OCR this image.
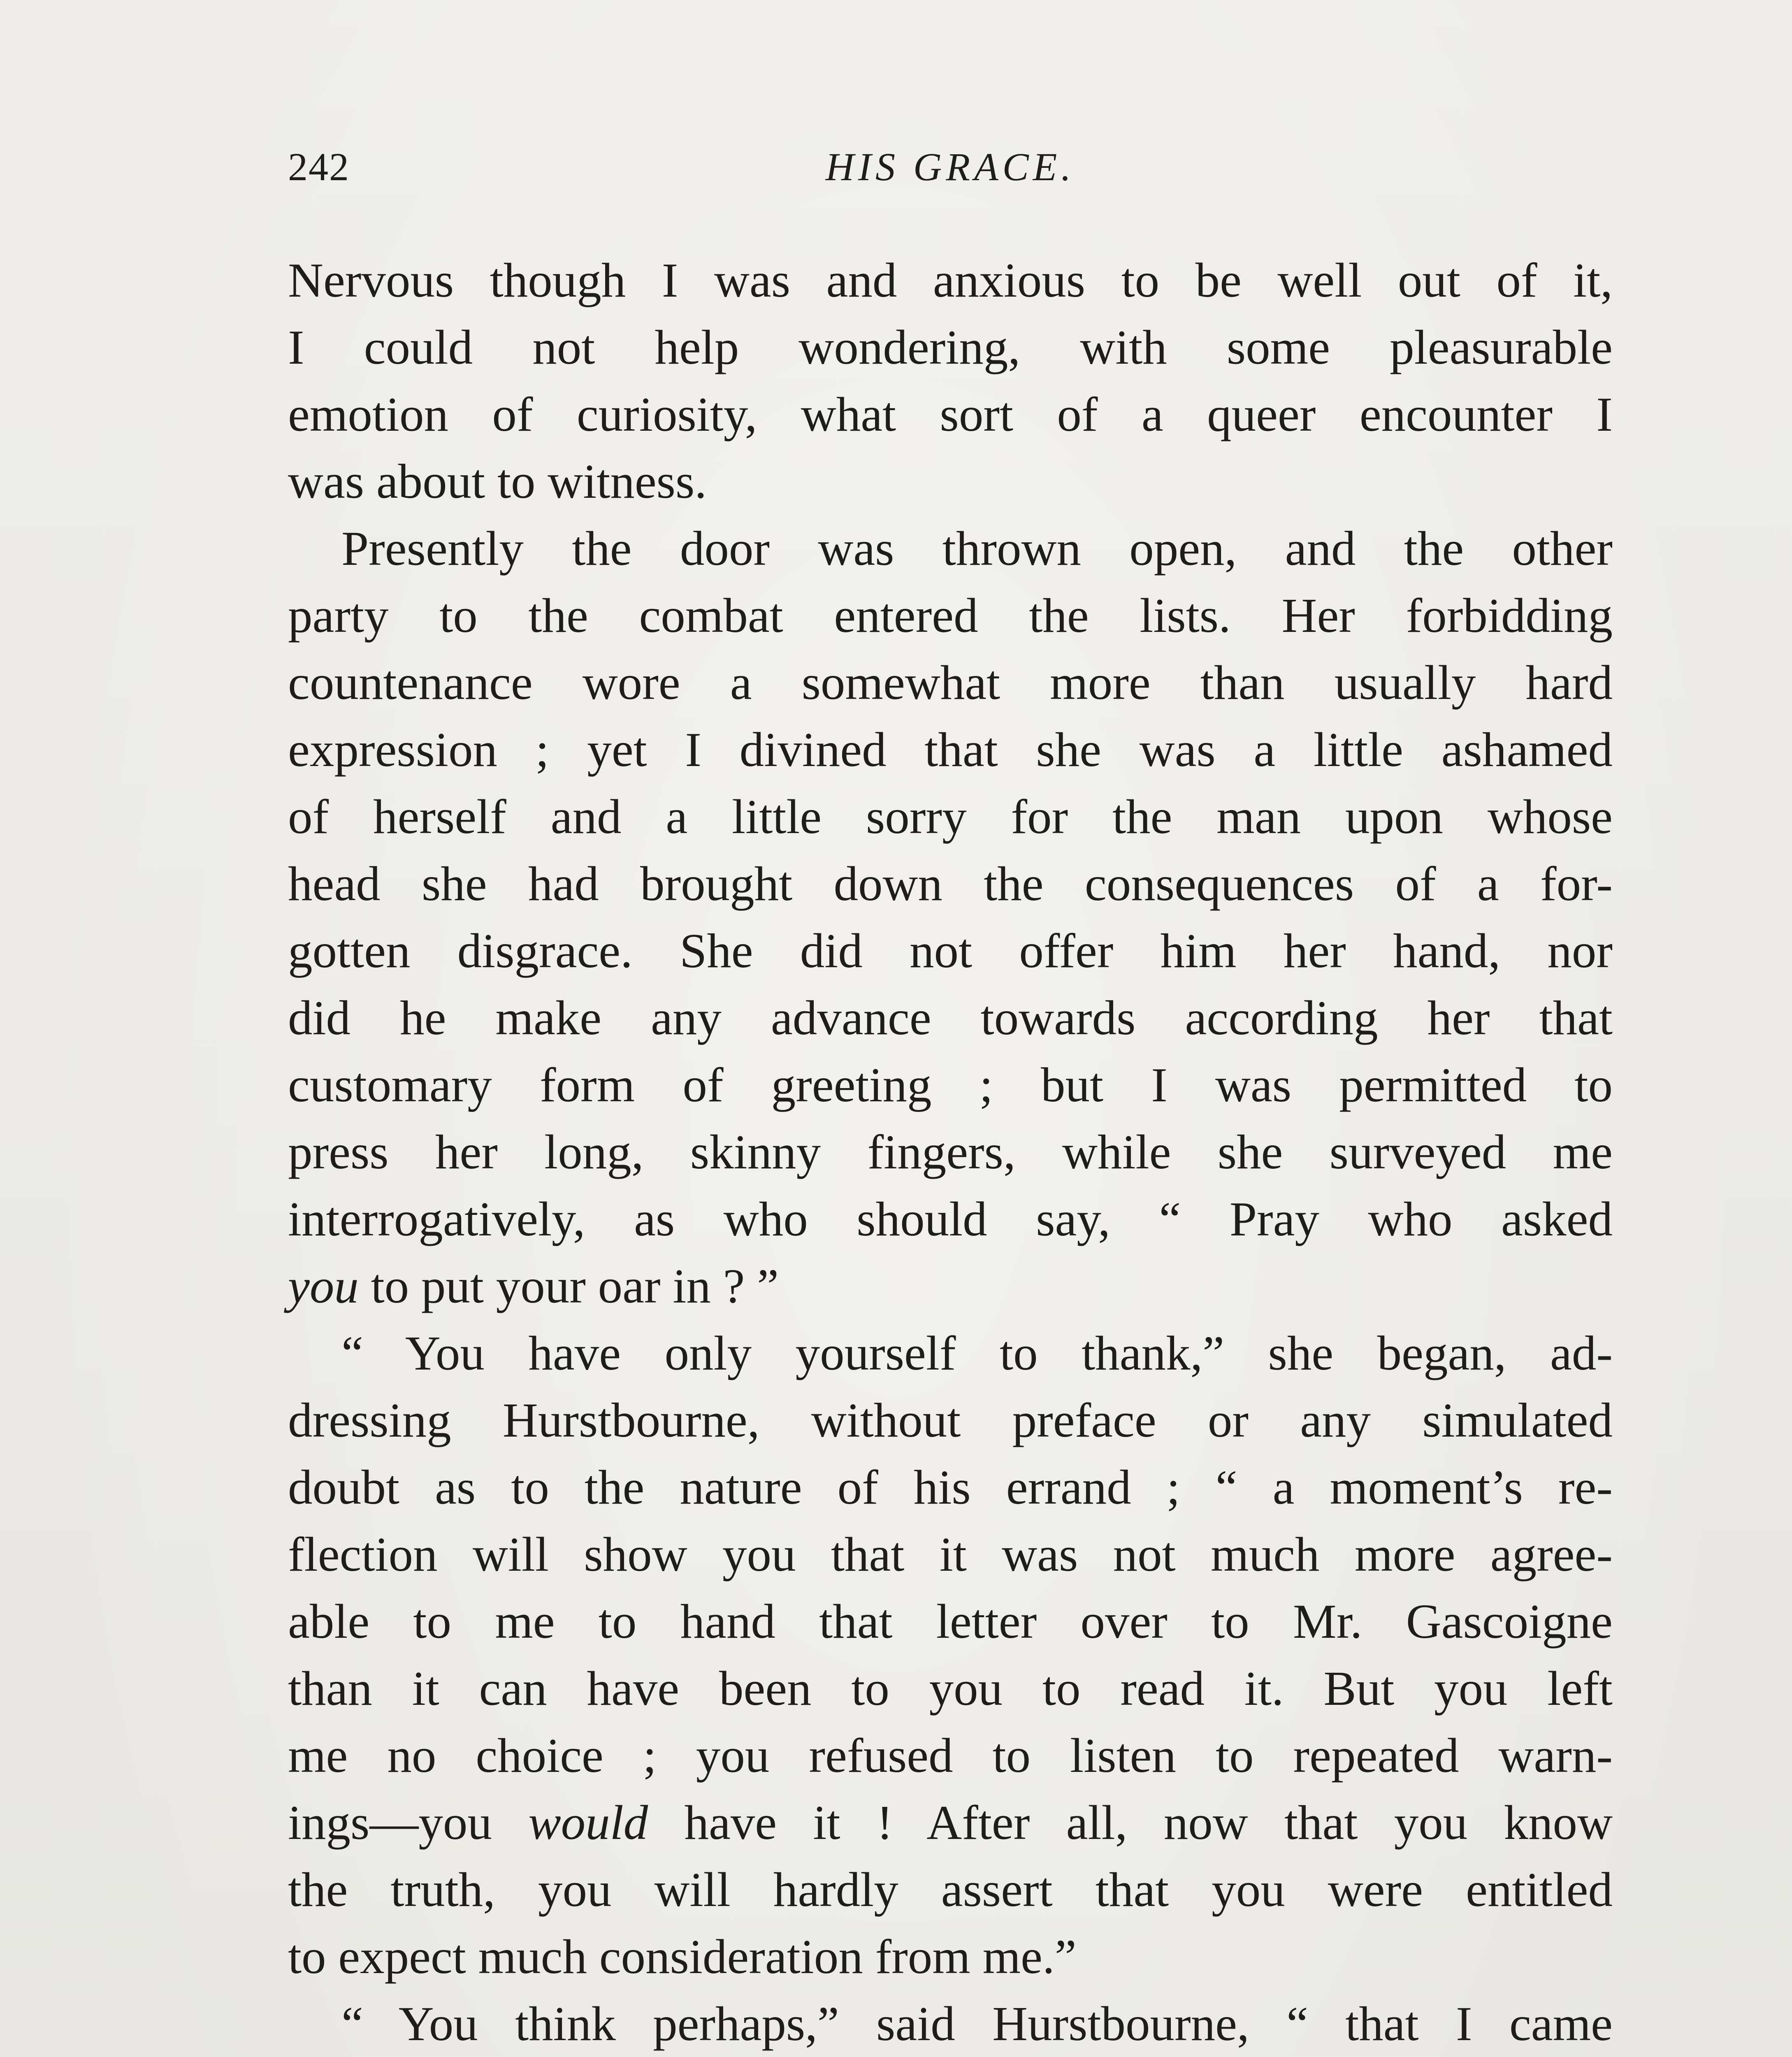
242	HIS GRACE.
Nervous though I was and anxious to be well out of it,
I could not help wondering, with some pleasurable
emotion of curiosity, what sort of a queer encounter I
was about to witness.
Presently the door was thrown open, and the other
party to the combat entered the lists. Her forbidding
countenance wore a somewhat more than usually hard
expression ; yet I divined that she was a little ashamed
of herself and a little sorry for the man upon whose
head she had brought down the consequences of a for-
gotten disgrace. She did not offer him her hand, nor
did he make any advance towards according her that
customary form of greeting ; but I was permitted to
press her long, skinny fingers, while she surveyed me
interrogatively, as who should say, “ Pray who asked
you to put your oar in ? ”
“ You have only yourself to thank,” she began, ad-
dressing Hurstbourne, without preface or any simulated
doubt as to the nature of his errand ; “ a moment’s re-
flection will show you that it was not much more agree-
able to me to hand that letter over to Mr. Gascoigne
than it can have been to you to read it. But you left
me no choice ; you refused to listen to repeated warn-
ings—you would have it ! After all, now that you know
the truth, you will hardly assert that you were entitled
to expect much consideration from me.”
“ You think perhaps,” said Hurstbourne, “ that I came
